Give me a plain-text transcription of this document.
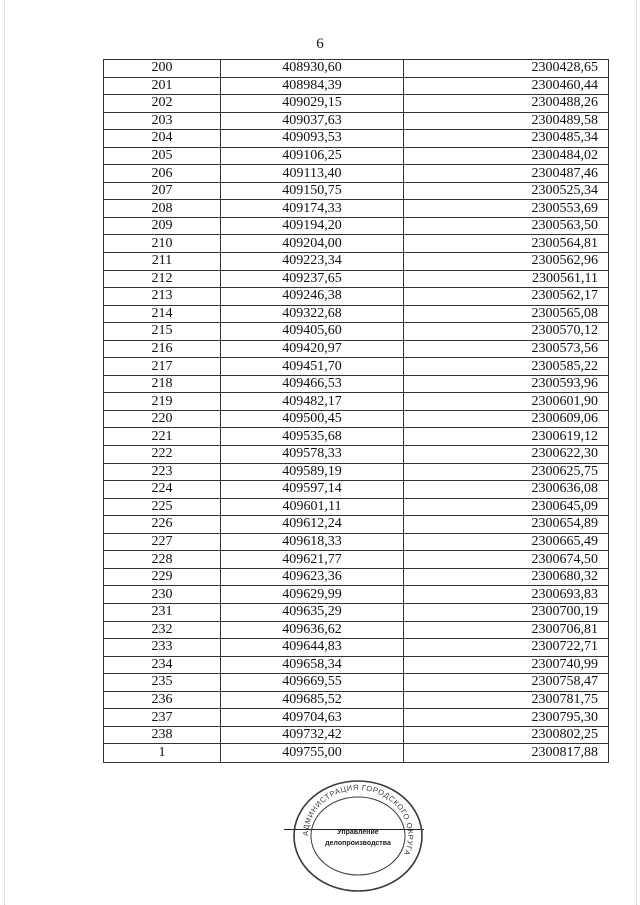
6
200	408930,60	2300428,65
201	408984,39	2300460,44
202	409029,15	2300488,26
203	409037,63	2300489,58
204	409093,53	2300485,34
205	409106,25	2300484,02
206	409113,40	2300487,46
207	409150,75	2300525,34
208	409174,33	2300553,69
209	409194,20	2300563,50
210	409204,00	2300564,81
211	409223,34	2300562,96
212	409237,65	2300561,11
213	409246,38	2300562,17
214	409322,68	2300565,08
215	409405,60	2300570,12
216	409420,97	2300573,56
217	409451,70	2300585,22
218	409466,53	2300593,96
219	409482,17	2300601,90
220	409500,45	2300609,06
221	409535,68	2300619,12
222	409578,33	2300622,30
223	409589,19	2300625,75
224	409597,14	2300636,08
225	409601,11	2300645,09
226	409612,24	2300654,89
227	409618,33	2300665,49
228	409621,77	2300674,50
229	409623,36	2300680,32
230	409629,99	2300693,83
231	409635,29	2300700,19
232	409636,62	2300706,81
233	409644,83	2300722,71
234	409658,34	2300740,99
235	409669,55	2300758,47
236	409685,52	2300781,75
237	409704,63	2300795,30
238	409732,42	2300802,25
1	409755,00	2300817,88
АДМИНИСТРАЦИЯ ГОРОДСКОГО ОКРУГА
Управление
делопроизводства
